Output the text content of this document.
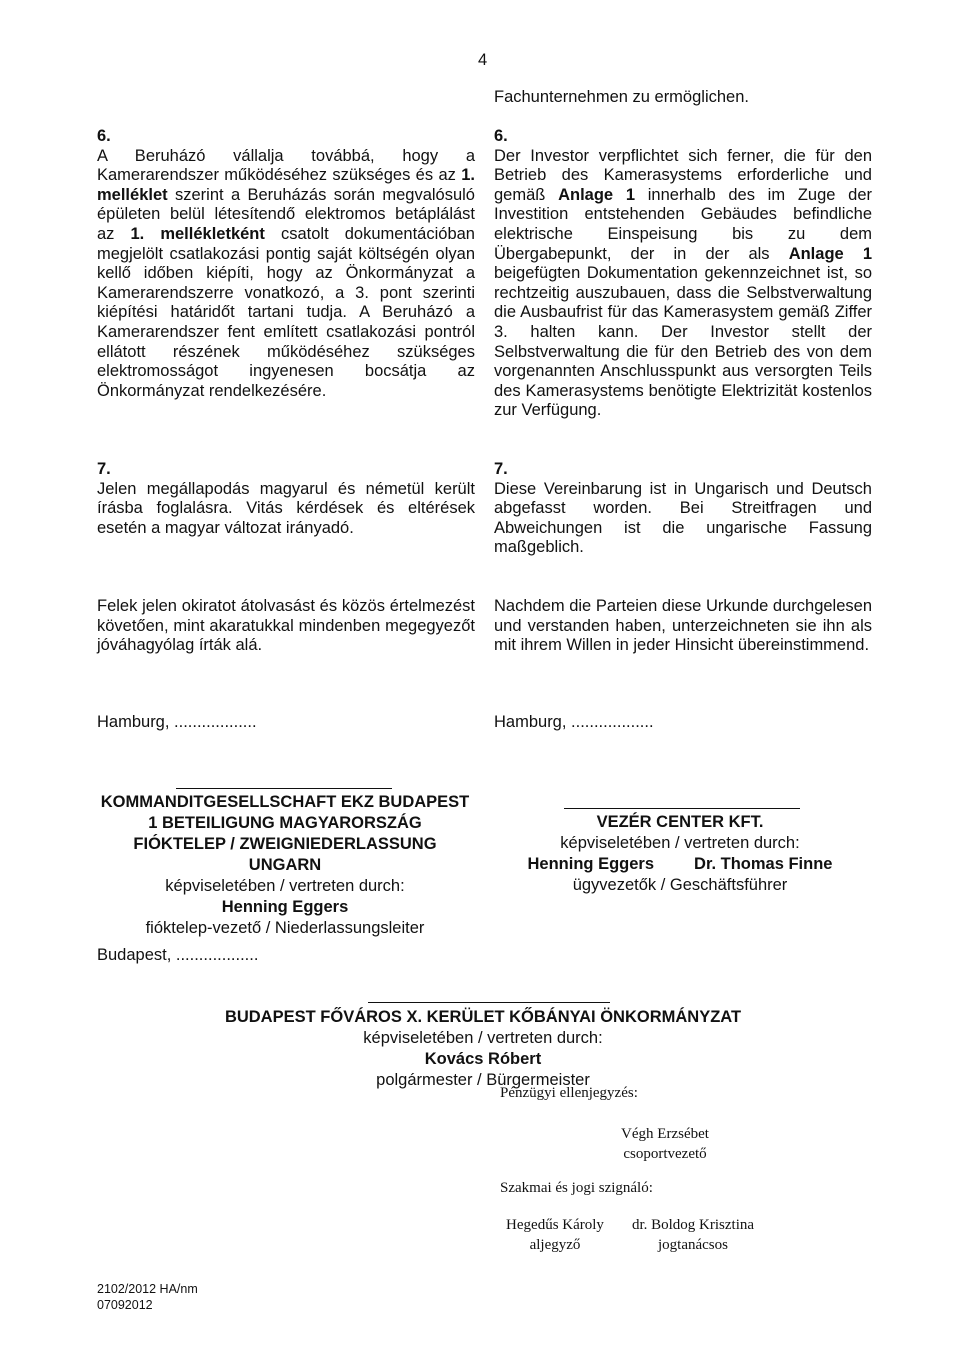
4
Fachunternehmen zu ermöglichen.
6.
A Beruházó vállalja továbbá, hogy a Kamerarendszer működéséhez szükséges és az 1. melléklet szerint a Beruházás során megvalósuló épületen belül létesítendő elektromos betáplálást az 1. mellékletként csatolt dokumentációban megjelölt csatlakozási pontig saját költségén olyan kellő időben kiépíti, hogy az Önkormányzat a Kamerarendszerre vonatkozó, a 3. pont szerinti kiépítési határidőt tartani tudja. A Beruházó a Kamerarendszer fent említett csatlakozási pontról ellátott részének működéséhez szükséges elektromosságot ingyenesen bocsátja az Önkormányzat rendelkezésére.
6.
Der Investor verpflichtet sich ferner, die für den Betrieb des Kamerasystems erforderliche und gemäß Anlage 1 innerhalb des im Zuge der Investition entstehenden Gebäudes befindliche elektrische Einspeisung bis zu dem Übergabepunkt, der in der als Anlage 1 beigefügten Dokumentation gekennzeichnet ist, so rechtzeitig auszubauen, dass die Selbstverwaltung die Ausbaufrist für das Kamerasystem gemäß Ziffer 3. halten kann. Der Investor stellt der Selbstverwaltung die für den Betrieb des von dem vorgenannten Anschlusspunkt aus versorgten Teils des Kamerasystems benötigte Elektrizität kostenlos zur Verfügung.
7.
Jelen megállapodás magyarul és németül került írásba foglalásra. Vitás kérdések és eltérések esetén a magyar változat irányadó.
7.
Diese Vereinbarung ist in Ungarisch und Deutsch abgefasst worden. Bei Streitfragen und Abweichungen ist die ungarische Fassung maßgeblich.
Felek jelen okiratot átolvasást és közös értelmezést követően, mint akaratukkal mindenben megegyezőt jóváhagyólag írták alá.
Nachdem die Parteien diese Urkunde durchgelesen und verstanden haben, unterzeichneten sie ihn als mit ihrem Willen in jeder Hinsicht übereinstimmend.
Hamburg, ..................	Hamburg, ..................
KOMMANDITGESELLSCHAFT EKZ BUDAPEST
1 BETEILIGUNG MAGYARORSZÁG
FIÓKTELEP / ZWEIGNIEDERLASSUNG
UNGARN
képviseletében / vertreten durch:
Henning Eggers
fióktelep-vezető / Niederlassungsleiter
VEZÉR CENTER KFT.
képviseletében / vertreten durch:
Henning Eggers Dr. Thomas Finne
ügyvezetők / Geschäftsführer
Budapest, ..................
BUDAPEST FŐVÁROS X. KERÜLET KŐBÁNYAI ÖNKORMÁNYZAT
képviseletében / vertreten durch:
Kovács Róbert
polgármester / Bürgermeister
Pénzügyi ellenjegyzés:
Végh Erzsébet
csoportvezető
Szakmai és jogi szignáló:
Hegedűs Károly
aljegyző
dr. Boldog Krisztina
jogtanácsos
2102/2012 HA/nm
07092012
